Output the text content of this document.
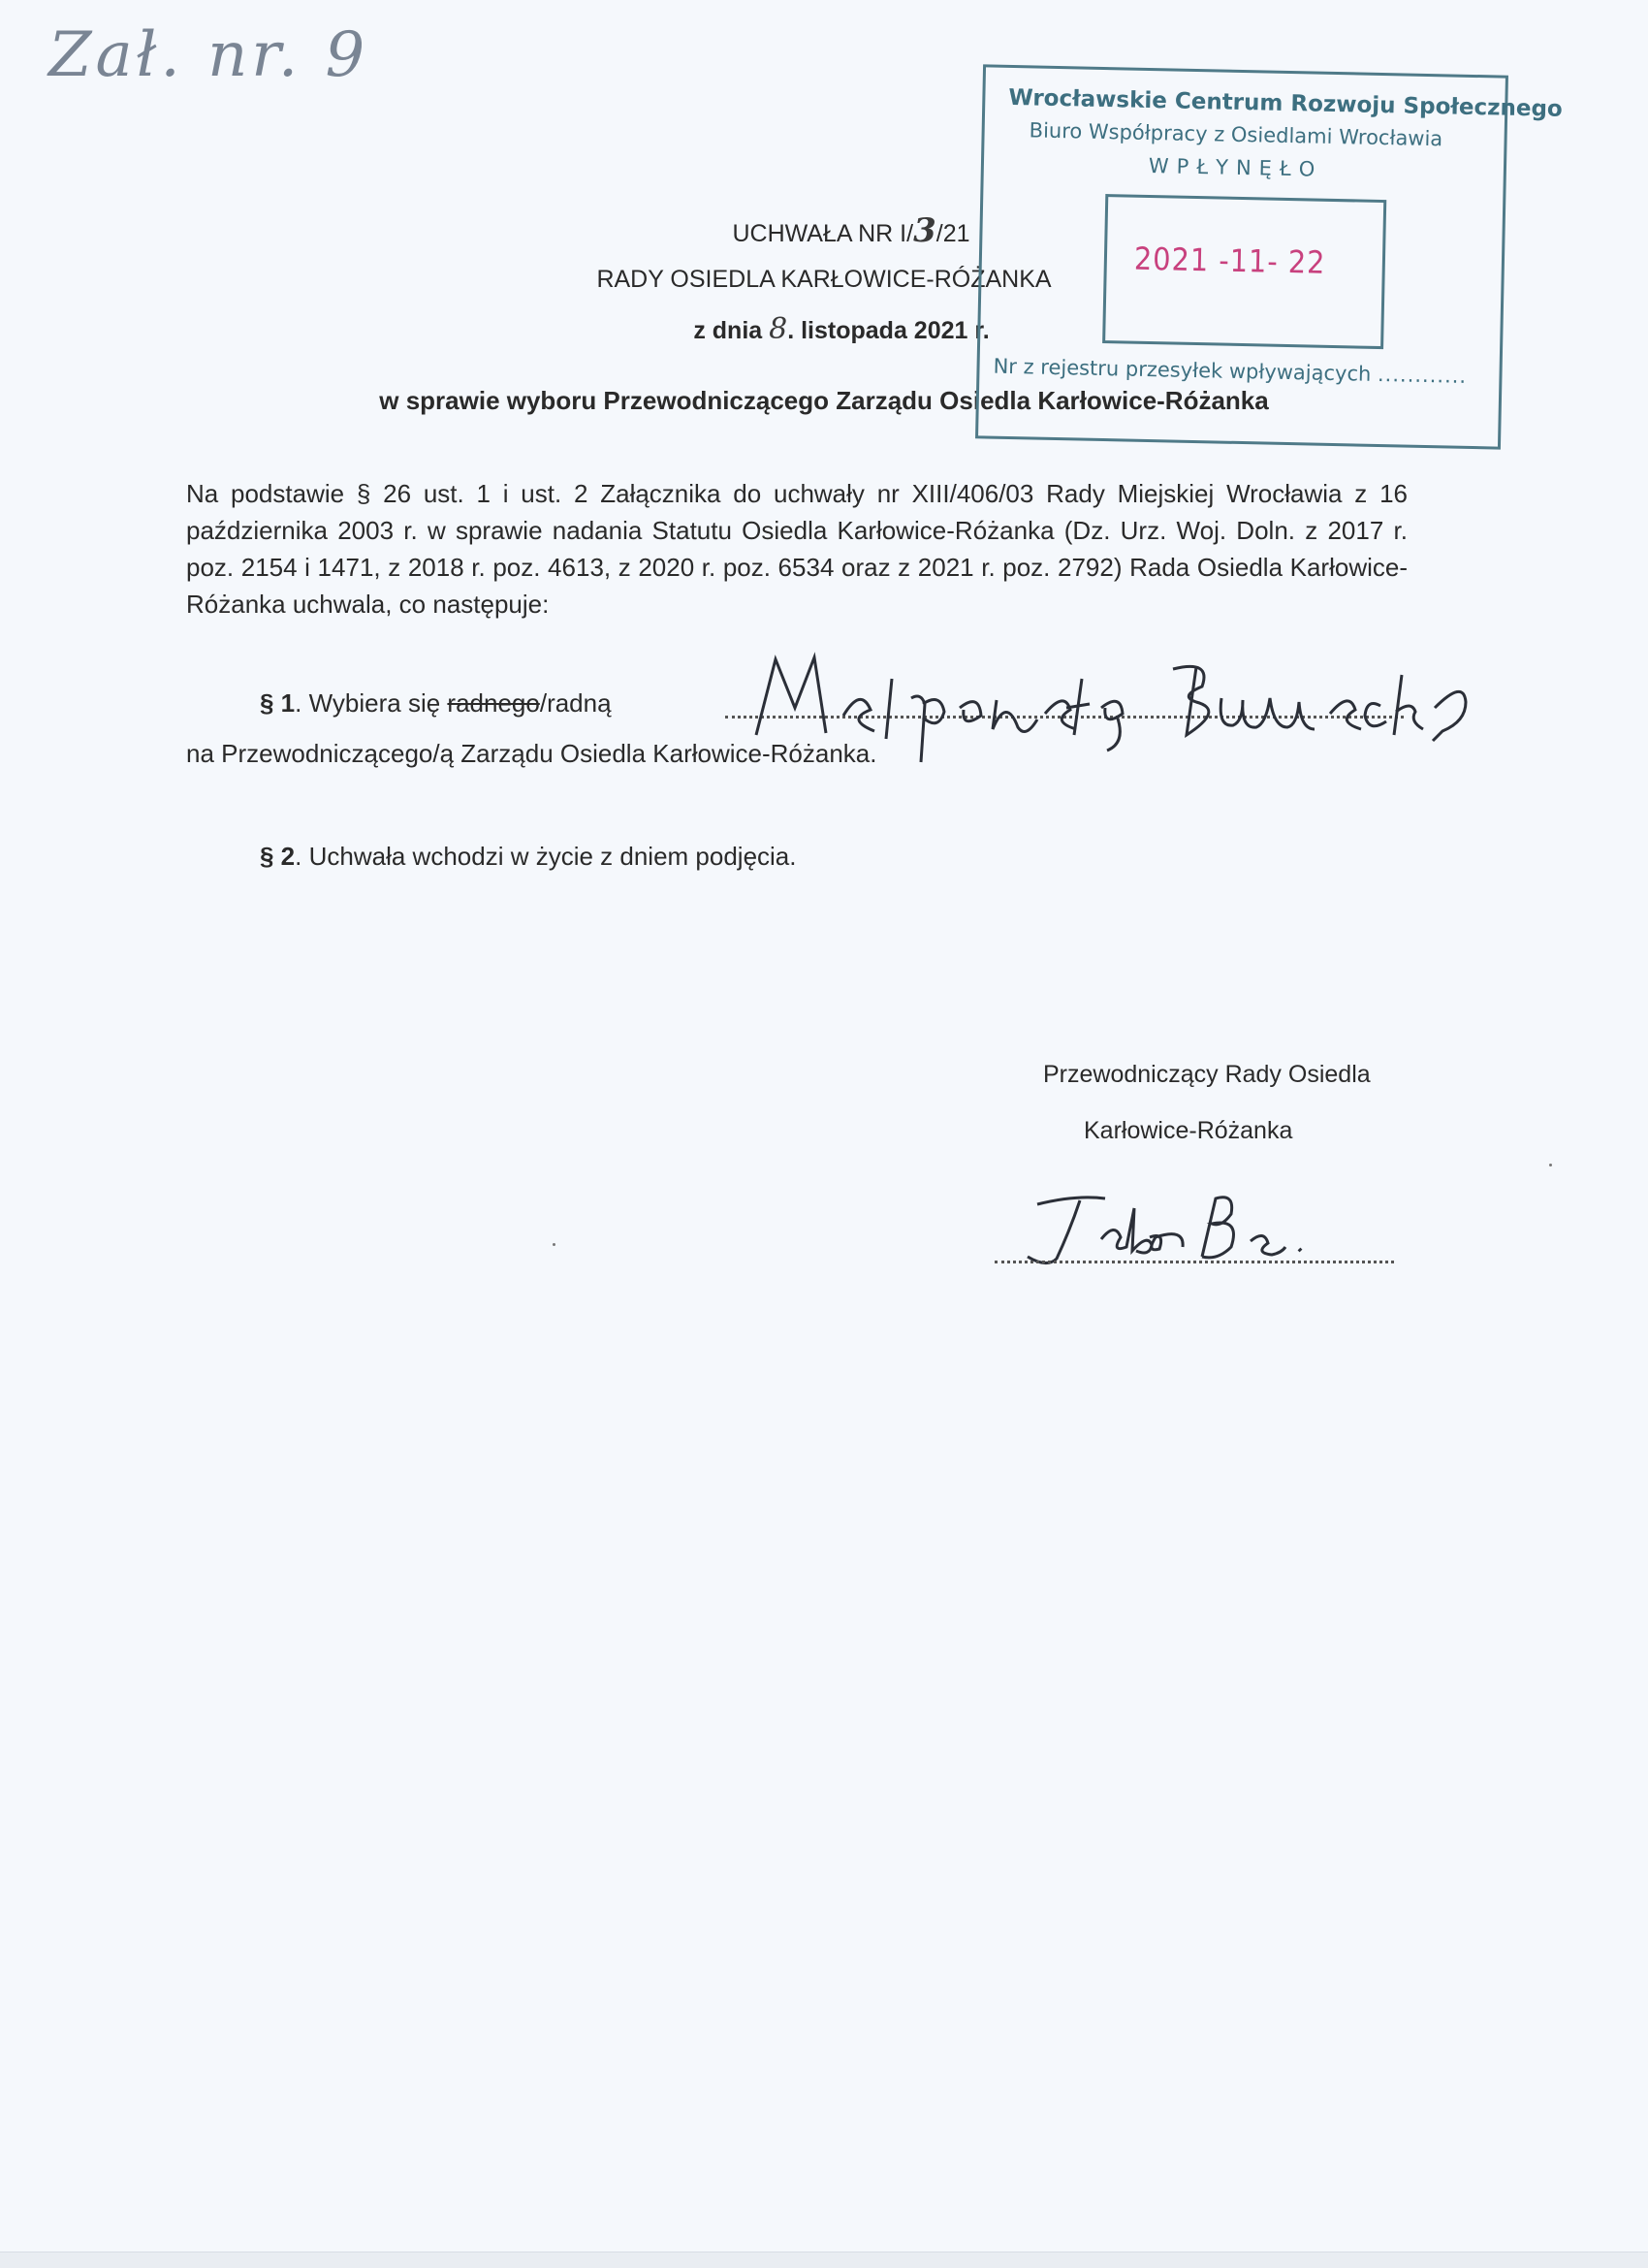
Zał. nr. 9
UCHWAŁA NR I/3/21
RADY OSIEDLA KARŁOWICE-RÓŻANKA
z dnia 8. listopada 2021 r.
w sprawie wyboru Przewodniczącego Zarządu Osiedla Karłowice-Różanka
Na podstawie § 26 ust. 1 i ust. 2 Załącznika do uchwały nr XIII/406/03 Rady Miejskiej Wrocławia z 16 października 2003 r. w sprawie nadania Statutu Osiedla Karłowice-Różanka (Dz. Urz. Woj. Doln. z 2017 r. poz. 2154 i 1471, z 2018 r. poz. 4613, z 2020 r. poz. 6534 oraz z 2021 r. poz. 2792) Rada Osiedla Karłowice-Różanka uchwala, co następuje:
§ 1. Wybiera się radnego/radną
na Przewodniczącego/ą Zarządu Osiedla Karłowice-Różanka.
§ 2. Uchwała wchodzi w życie z dniem podjęcia.
Przewodniczący Rady Osiedla
Karłowice-Różanka
Wrocławskie Centrum Rozwoju Społecznego
Biuro Współpracy z Osiedlami Wrocławia
WPŁYNĘŁO
2021 -11- 22
Nr z rejestru przesyłek wpływających ............
